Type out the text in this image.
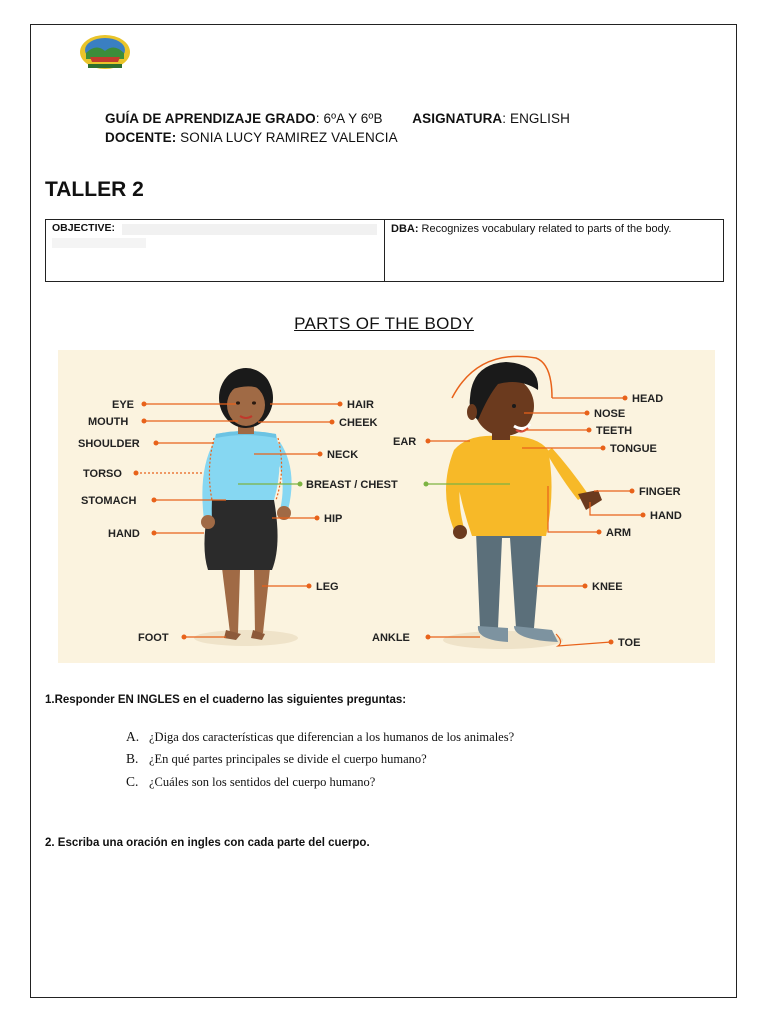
GUÍA DE APRENDIZAJE GRADO: 6ºA Y 6ºB ASIGNATURA: ENGLISH
DOCENTE: SONIA LUCY RAMIREZ VALENCIA
TALLER 2
OBJECTIVE:	DBA: Recognizes vocabulary related to parts of the body.
PARTS OF THE BODY
EYE
MOUTH
SHOULDER
TORSO
STOMACH
HAND
FOOT
HAIR
CHEEK
NECK
BREAST / CHEST
HIP
LEG
EAR
ANKLE
HEAD
NOSE
TEETH
TONGUE
FINGER
HAND
ARM
KNEE
TOE
1.Responder EN INGLES en el cuaderno las siguientes preguntas:
A. ¿Diga dos características que diferencian a los humanos de los animales?
B. ¿En qué partes principales se divide el cuerpo humano?
C. ¿Cuáles son los sentidos del cuerpo humano?
2. Escriba una oración en ingles con cada parte del cuerpo.
